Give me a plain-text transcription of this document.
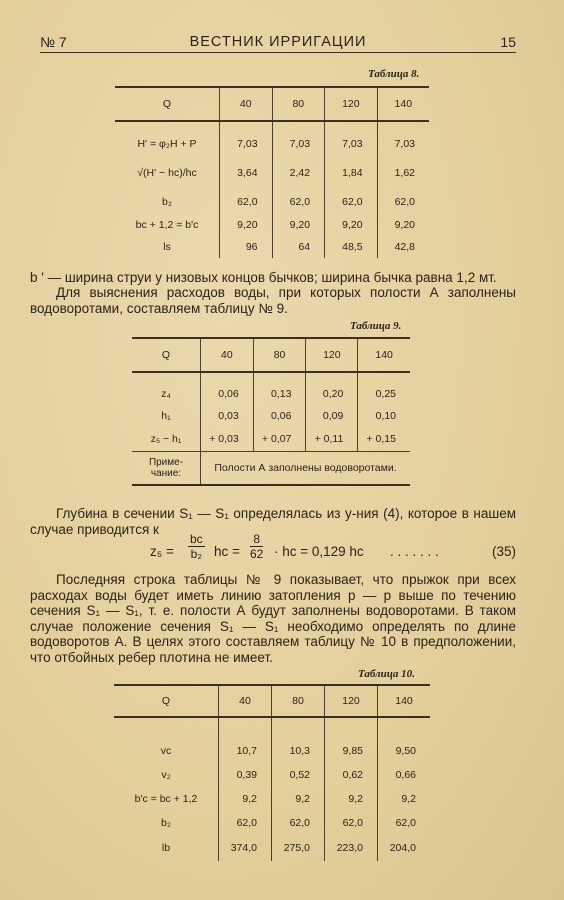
№ 7	ВЕСТНИК ИРРИГАЦИИ	15
Таблица 8.
Q	40	80	120	140

H' = φ₂H + P	7,03	7,03	7,03	7,03
√(H' − hc)/hc	3,64	2,42	1,84	1,62
b₂	62,0	62,0	62,0	62,0
bc + 1,2 = b'c	9,20	9,20	9,20	9,20
ls	96	64	48,5	42,8
b ' — ширина струи у низовых концов бычков; ширина бычка равна 1,2 мт.
Для выяснения расходов воды, при которых полости А заполнены водоворотами, составляем таблицу № 9.
Таблица 9.
Q	40	80	120	140

z₄	0,06	0,13	0,20	0,25
h₁	0,03	0,06	0,09	0,10
z₅ − h₁	+ 0,03	+ 0,07	+ 0,11	+ 0,15
Приме-чание:	Полости А заполнены водоворотами.			
Глубина в сечении S₁ — S₁ определялась из у-ния (4), которое в нашем случае приводится к
$z_5 = \frac{bc}{\text{b₂}}$ hc = $\frac{8}{62}$ · hc = 0,129 hc . . . . . . .	(35)
Последняя строка таблицы № 9 показывает, что прыжок при всех расходах воды будет иметь линию затопления p — p выше по течению сечения S₁ — S₁, т. е. полости А будут заполнены водоворотами. В таком случае положение сечения S₁ — S₁ необходимо определять по длине водоворотов А. В целях этого составляем таблицу № 10 в предположении, что отбойных ребер плотина не имеет.
Таблица 10.
Q	40	80	120	140

vc	10,7	10,3	9,85	9,50
v₂	0,39	0,52	0,62	0,66
b'c = bc + 1,2	9,2	9,2	9,2	9,2
b₂	62,0	62,0	62,0	62,0
lb	374,0	275,0	223,0	204,0
